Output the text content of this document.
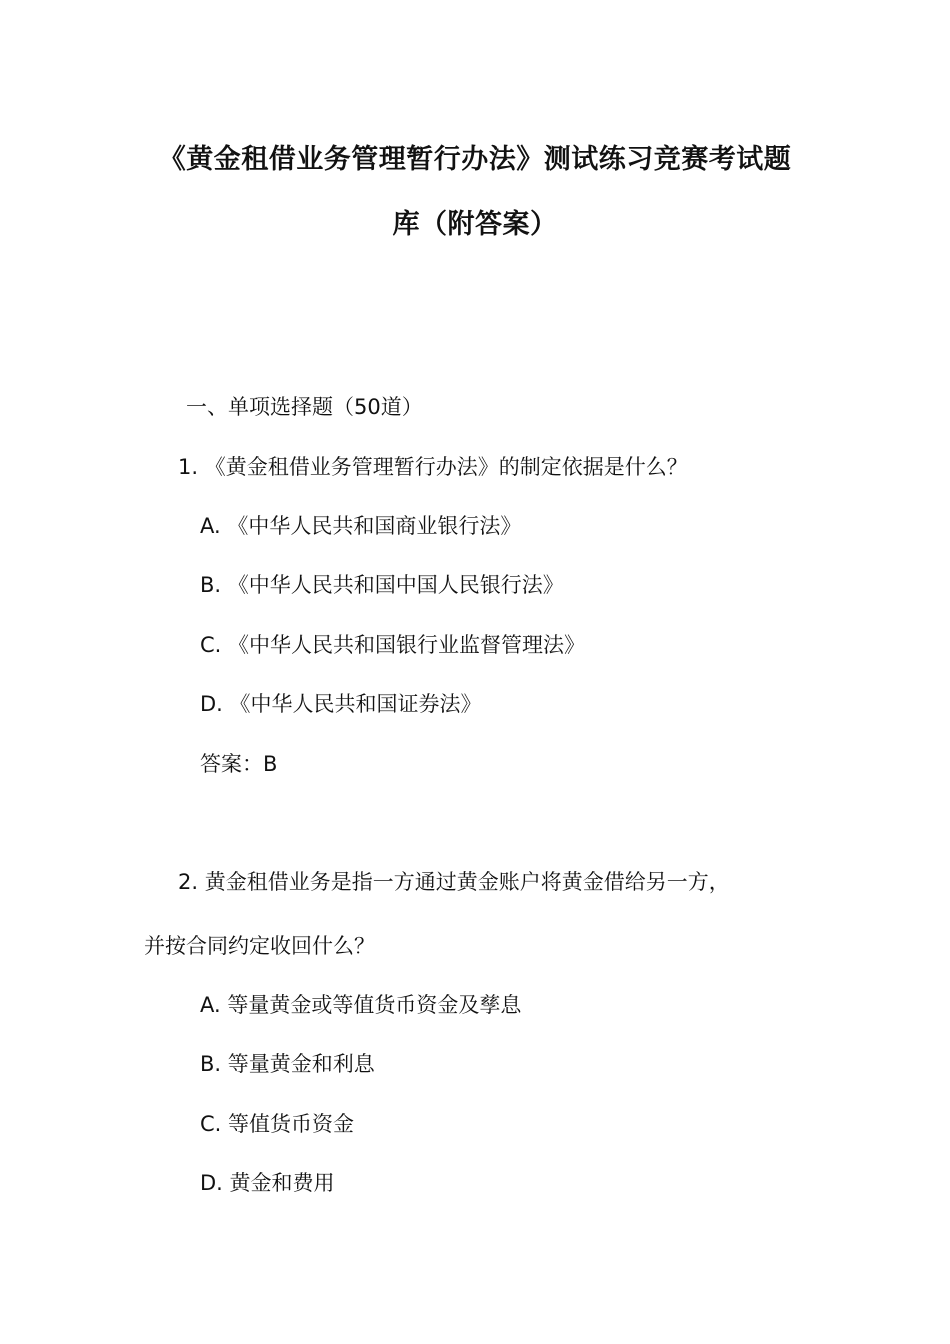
《黄金租借业务管理暂行办法》测试练习竞赛考试题
库（附答案）
一、单项选择题（50道）
1. 《黄金租借业务管理暂行办法》的制定依据是什么？
A. 《中华人民共和国商业银行法》
B. 《中华人民共和国中国人民银行法》
C. 《中华人民共和国银行业监督管理法》
D. 《中华人民共和国证券法》
答案：B
2. 黄金租借业务是指一方通过黄金账户将黄金借给另一方，
并按合同约定收回什么？
A. 等量黄金或等值货币资金及孳息
B. 等量黄金和利息
C. 等值货币资金
D. 黄金和费用
